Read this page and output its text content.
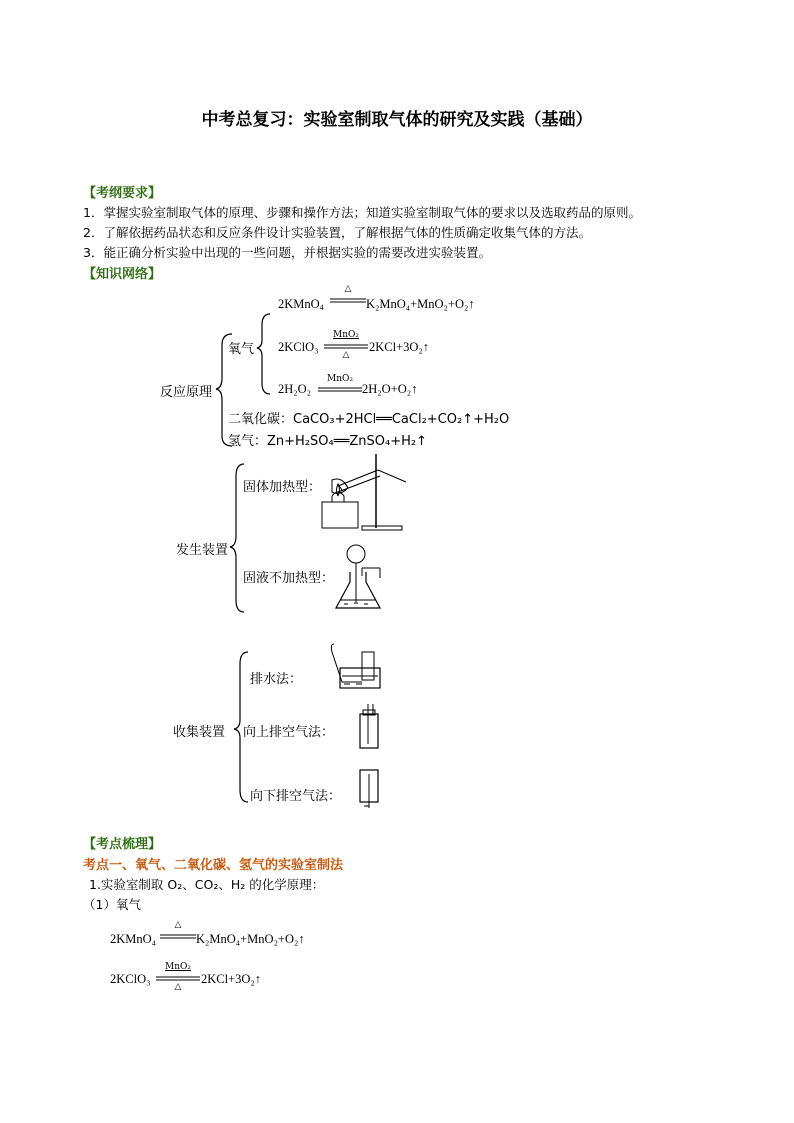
中考总复习：实验室制取气体的研究及实践（基础）
【考纲要求】
1．掌握实验室制取气体的原理、步骤和操作方法；知道实验室制取气体的要求以及选取药品的原则。
2．了解依据药品状态和反应条件设计实验装置，了解根据气体的性质确定收集气体的方法。
3．能正确分析实验中出现的一些问题，并根据实验的需要改进实验装置。
【知识网络】
反应原理
氧气
2KMnO$_4$
△
K₂MnO₄+MnO₂+O₂↑
2KClO₃
MnO₂
△
2KCl+3O₂↑
2H₂O₂
MnO₂
2H₂O+O₂↑
二氧化碳：CaCO₃+2HCl══CaCl₂+CO₂↑+H₂O
氢气：Zn+H₂SO₄══ZnSO₄+H₂↑
发生装置
固体加热型：
固液不加热型：
收集装置
排水法：
向上排空气法：
向下排空气法：
【考点梳理】
考点一、氧气、二氧化碳、氢气的实验室制法
1.实验室制取 O₂、CO₂、H₂ 的化学原理：
（1）氧气
2KMnO₄
△
K₂MnO₄+MnO₂+O₂↑
2KClO₃
MnO₂
△
2KCl+3O₂↑
